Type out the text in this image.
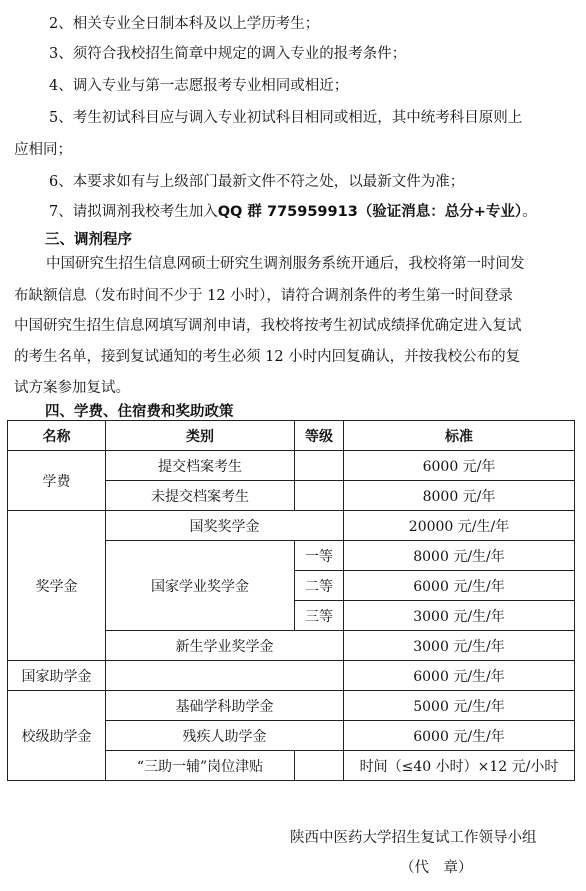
2、相关专业全日制本科及以上学历考生；
3、须符合我校招生简章中规定的调入专业的报考条件；
4、调入专业与第一志愿报考专业相同或相近；
5、考生初试科目应与调入专业初试科目相同或相近，其中统考科目原则上
应相同；
6、本要求如有与上级部门最新文件不符之处，以最新文件为准；
7、请拟调剂我校考生加入QQ 群 775959913（验证消息：总分+专业）。
三、调剂程序
中国研究生招生信息网硕士研究生调剂服务系统开通后，我校将第一时间发
布缺额信息（发布时间不少于 12 小时），请符合调剂条件的考生第一时间登录
中国研究生招生信息网填写调剂申请，我校将按考生初试成绩择优确定进入复试
的考生名单，接到复试通知的考生必须 12 小时内回复确认，并按我校公布的复
试方案参加复试。
四、学费、住宿费和奖助政策
名称	类别	等级	标准
学费	提交档案考生		6000 元/年
	未提交档案考生		8000 元/年
奖学金	国奖奖学金		20000 元/生/年
	国家学业奖学金	一等	8000 元/生/年
		二等	6000 元/生/年
		三等	3000 元/生/年
	新生学业奖学金		3000 元/生/年
国家助学金			6000 元/生/年
校级助学金	基础学科助学金		5000 元/生/年
	残疾人助学金		6000 元/生/年
	“三助一辅”岗位津贴		时间（≤40 小时）×12 元/小时
陕西中医药大学招生复试工作领导小组
（代　章）
